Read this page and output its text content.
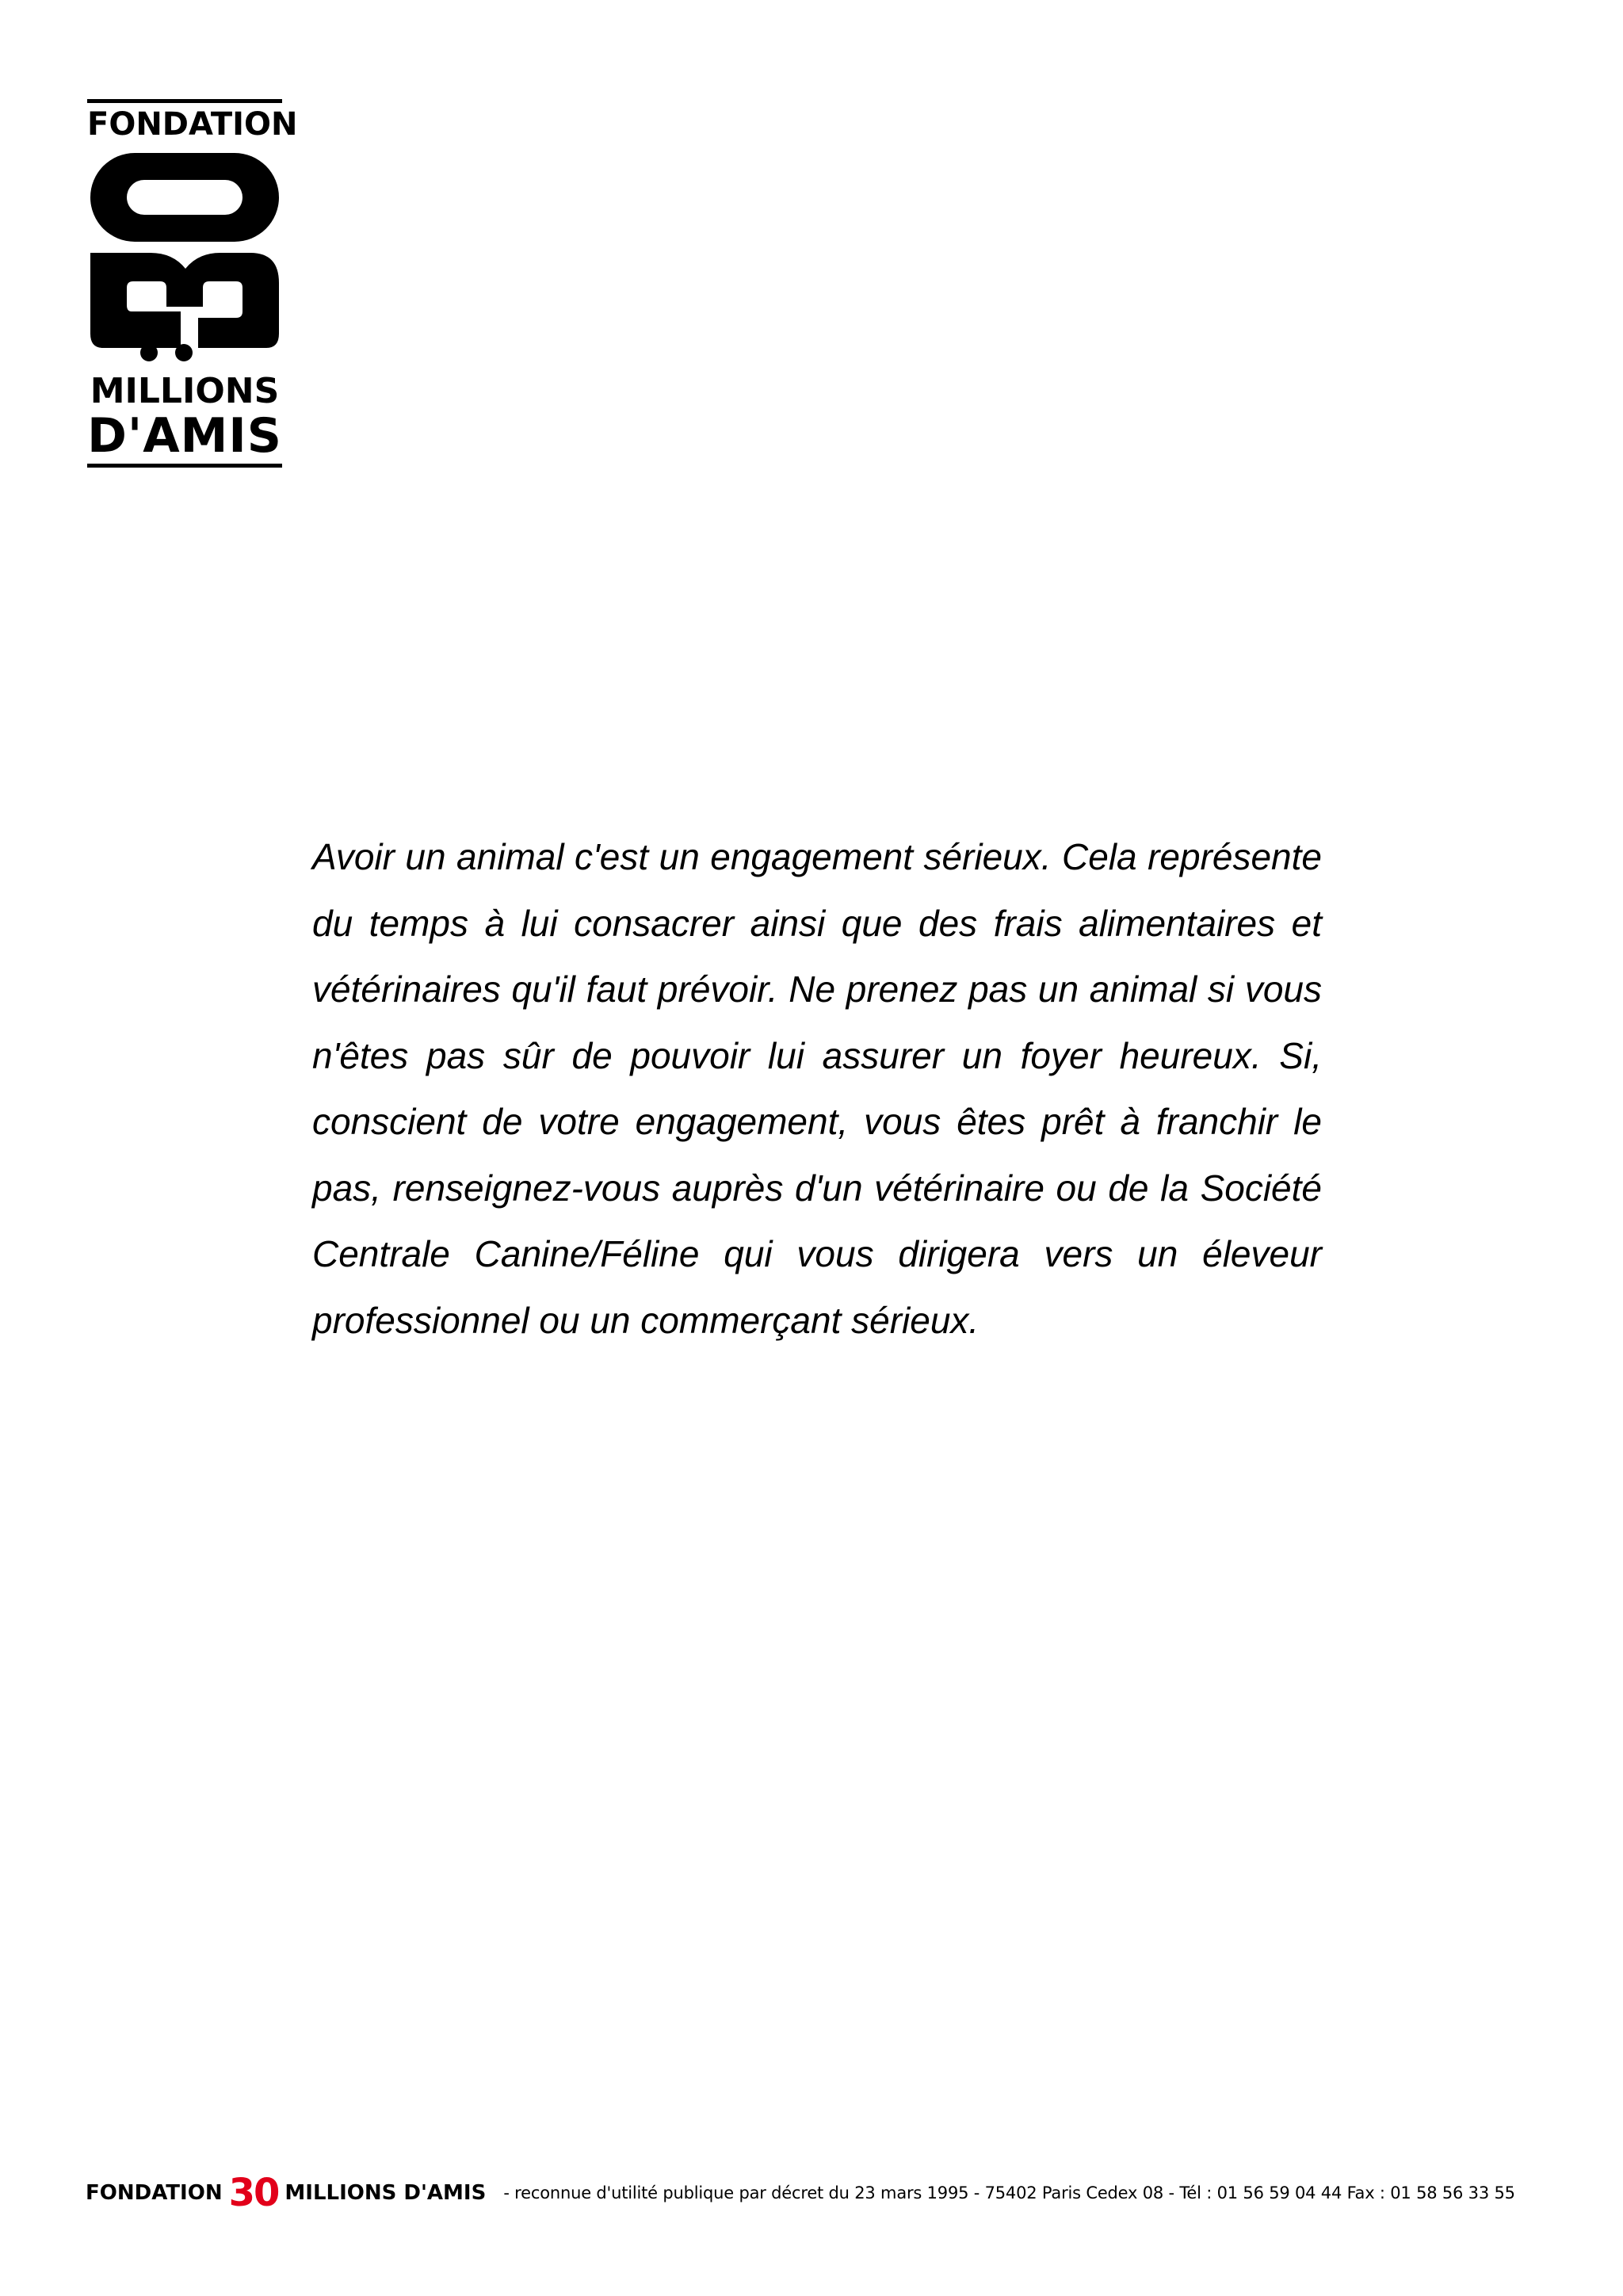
FONDATION
MILLIONS
D'AMIS

Avoir un animal c'est un engagement sérieux. Cela représente du temps à lui consacrer ainsi que des frais alimentaires et vétérinaires qu'il faut prévoir. Ne prenez pas un animal si vous n'êtes pas sûr de pouvoir lui assurer un foyer heureux. Si, conscient de votre engagement, vous êtes prêt à franchir le pas, renseignez-vous auprès d'un vétérinaire ou de la Société Centrale Canine/Féline qui vous dirigera vers un éleveur professionnel ou un commerçant sérieux.

FONDATION 30 MILLIONS D'AMIS - reconnue d'utilité publique par décret du 23 mars 1995 - 75402 Paris Cedex 08 - Tél : 01 56 59 04 44 Fax : 01 58 56 33 55
